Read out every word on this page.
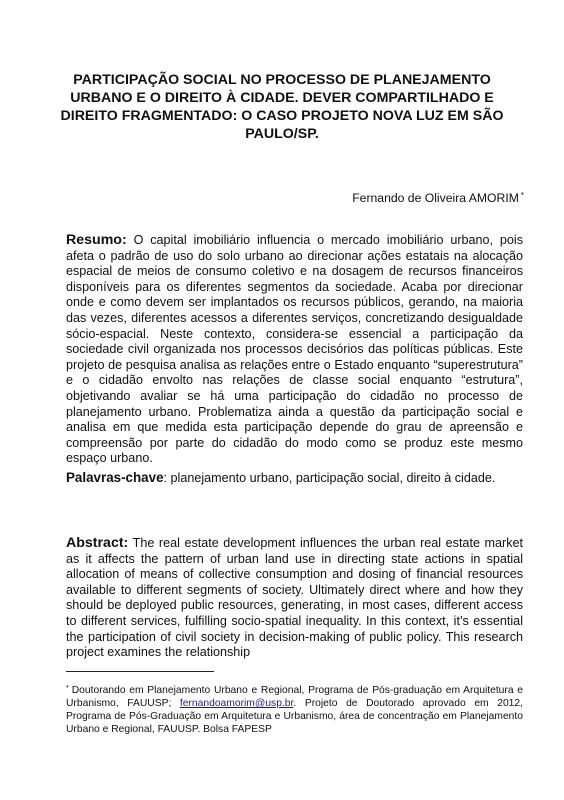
PARTICIPAÇÃO SOCIAL NO PROCESSO DE PLANEJAMENTO URBANO E O DIREITO À CIDADE. DEVER COMPARTILHADO E DIREITO FRAGMENTADO: O CASO PROJETO NOVA LUZ EM SÃO PAULO/SP.
Fernando de Oliveira AMORIM *
Resumo: O capital imobiliário influencia o mercado imobiliário urbano, pois afeta o padrão de uso do solo urbano ao direcionar ações estatais na alocação espacial de meios de consumo coletivo e na dosagem de recursos financeiros disponíveis para os diferentes segmentos da sociedade. Acaba por direcionar onde e como devem ser implantados os recursos públicos, gerando, na maioria das vezes, diferentes acessos a diferentes serviços, concretizando desigualdade sócio-espacial. Neste contexto, considera-se essencial a participação da sociedade civil organizada nos processos decisórios das políticas públicas. Este projeto de pesquisa analisa as relações entre o Estado enquanto “superestrutura” e o cidadão envolto nas relações de classe social enquanto “estrutura”, objetivando avaliar se há uma participação do cidadão no processo de planejamento urbano. Problematiza ainda a questão da participação social e analisa em que medida esta participação depende do grau de apreensão e compreensão por parte do cidadão do modo como se produz este mesmo espaço urbano.
Palavras-chave: planejamento urbano, participação social, direito à cidade.
Abstract: The real estate development influences the urban real estate market as it affects the pattern of urban land use in directing state actions in spatial allocation of means of collective consumption and dosing of financial resources available to different segments of society. Ultimately direct where and how they should be deployed public resources, generating, in most cases, different access to different services, fulfilling socio-spatial inequality. In this context, it’s essential the participation of civil society in decision-making of public policy. This research project examines the relationship
* Doutorando em Planejamento Urbano e Regional, Programa de Pós-graduação em Arquitetura e Urbanismo, FAUUSP; fernandoamorim@usp.br. Projeto de Doutorado aprovado em 2012, Programa de Pós-Graduação em Arquitetura e Urbanismo, área de concentração em Planejamento Urbano e Regional, FAUUSP. Bolsa FAPESP
